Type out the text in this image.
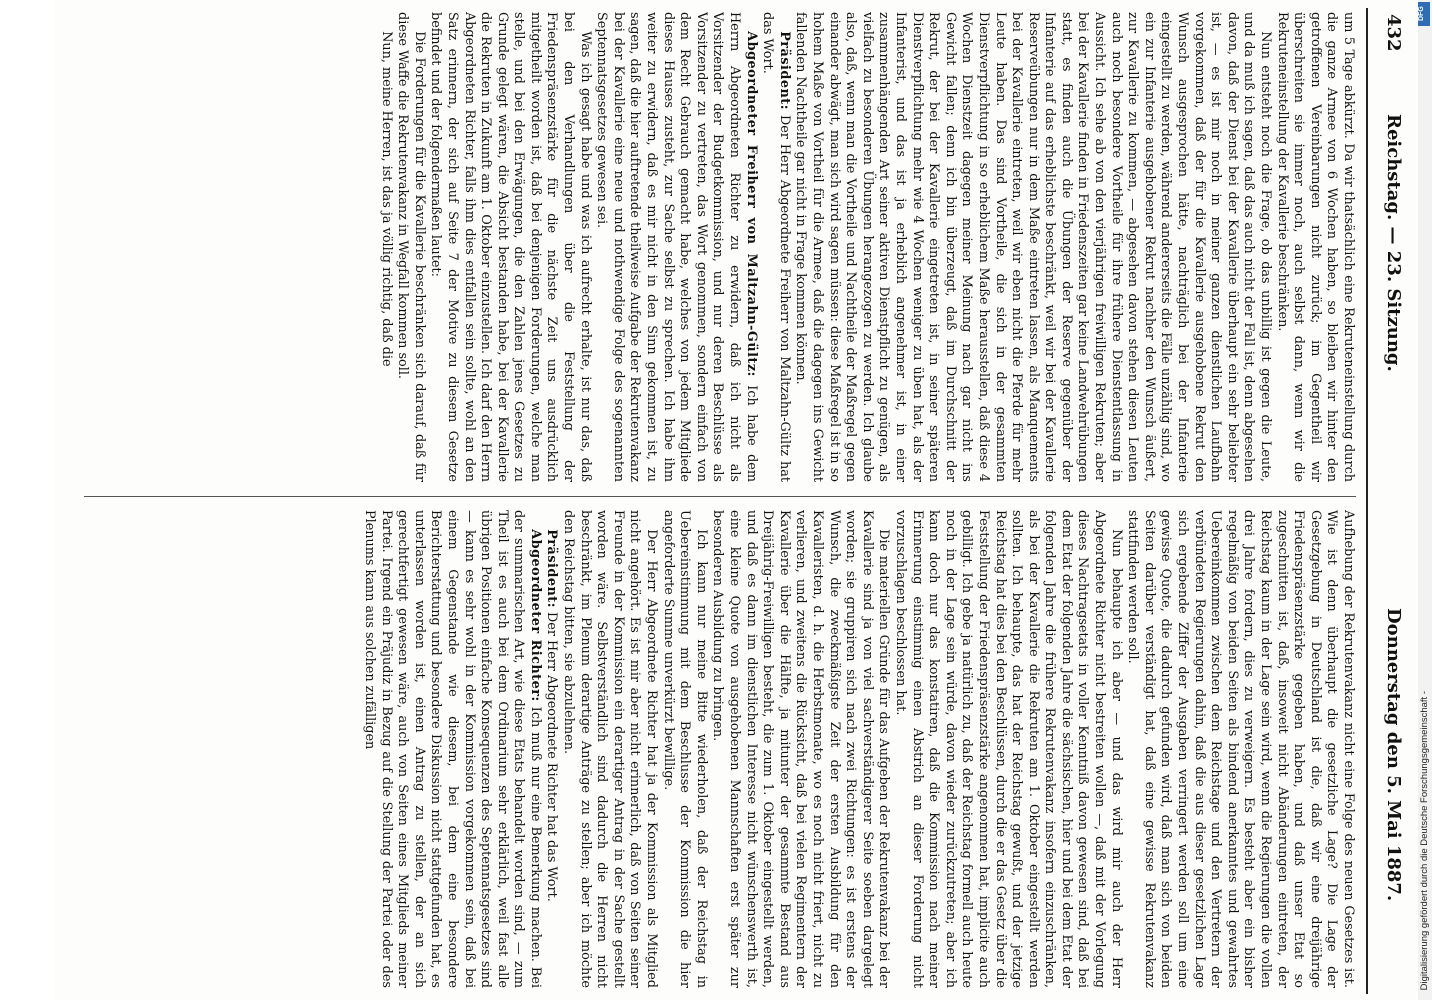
432
Reichstag. — 23. Sitzung.
Donnerstag den 5. Mai 1887.

um 5 Tage abkürzt. Da wir thatsächlich eine Rekruteneinstellung durch die ganze Armee von 6 Wochen haben, so bleiben wir hinter den getroffenen Vereinbarungen nicht zurück; im Gegentheil wir überschreiten sie immer noch, auch selbst dann, wenn wir die Rekruteneinstellung der Kavallerie beschränken.

Nun entsteht noch die Frage, ob das unbillig ist gegen die Leute, und da muß ich sagen, daß das auch nicht der Fall ist, denn abgesehen davon, daß der Dienst bei der Kavallerie überhaupt ein sehr beliebter ist, — es ist mir noch in meiner ganzen dienstlichen Laufbahn vorgekommen, daß der für die Kavallerie ausgehobene Rekrut den Wunsch ausgesprochen hätte, nachträglich bei der Infanterie eingestellt zu werden, während andererseits die Fälle unzählig sind, wo ein zur Infanterie ausgehobener Rekrut nachher den Wunsch äußert, zur Kavallerie zu kommen, — abgesehen davon stehen diesen Leuten auch noch besondere Vortheile für ihre frühere Dienstentlassung in Aussicht. Ich sehe ab von den vierjährigen freiwilligen Rekruten; aber bei der Kavallerie finden in Friedenszeiten gar keine Landwehrübungen statt, es finden auch die Übungen der Reserve gegenüber der Infanterie auf das erheblichste beschränkt, weil wir bei der Kavallerie Reserveübungen nur in dem Maße eintreten lassen, als Manquements bei der Kavallerie eintreten, weil wir eben nicht die Pferde für mehr Leute haben. Das sind Vortheile, die sich in der gesammten Dienstverpflichtung in so erheblichem Maße herausstellen, daß diese 4 Wochen Dienstzeit dagegen meiner Meinung nach gar nicht ins Gewicht fallen; denn ich bin überzeugt, daß im Durchschnitt der Rekrut, der bei der Kavallerie eingetreten ist, in seiner späteren Dienstverpflichtung mehr wie 4 Wochen weniger zu üben hat, als der Infanterist, und das ist ja erheblich angenehmer ist, in einer zusammenhängenden Art seiner aktiven Dienstpflicht zu genügen, als vielfach zu besonderen Übungen herangezogen zu werden. Ich glaube also, daß, wenn man die Vortheile und Nachtheile der Maßregel gegen einander abwägt, man sich wird sagen müssen: diese Maßregel ist in so hohem Maße von Vortheil für die Armee, daß die dagegen ins Gewicht fallenden Nachtheile gar nicht in Frage kommen können.

Präsident: Der Herr Abgeordnete Freiherr von Maltzahn-Gültz hat das Wort.

Abgeordneter Freiherr von Maltzahn-Gültz: Ich habe dem Herrn Abgeordneten Richter zu erwidern, daß ich nicht als Vorsitzender der Budgetkommission, und nur deren Beschlüsse als Vorsitzender zu vertreten, das Wort genommen, sondern einfach von dem Recht Gebrauch gemacht habe, welches von jedem Mitgliede dieses Hauses zusteht, zur Sache selbst zu sprechen. Ich habe ihm weiter zu erwidern, daß es mir nicht in den Sinn gekommen ist, zu sagen, daß die hier auftretende theilweise Aufgabe der Rekrutenvakanz bei der Kavallerie eine neue und nothwendige Folge des sogenannten Septennatsgesetzes gewesen sei.

Was ich gesagt habe und was ich aufrecht erhalte, ist nur das, daß bei den Verhandlungen über die Feststellung der Friedenspräsenzstärke für die nächste Zeit uns ausdrücklich mitgetheilt worden ist, daß bei denjenigen Forderungen, welche man stelle, und bei den Erwägungen, die den Zahlen jenes Gesetzes zu Grunde gelegt wären, die Absicht bestanden habe, bei der Kavallerie die Rekruten in Zukunft am 1. Oktober einzustellen. Ich darf den Herrn Abgeordneten Richter, falls ihm dies entfallen sein sollte, wohl an den Satz erinnern, der sich auf Seite 7 der Motive zu diesem Gesetze befindet und der folgendermaßen lautet:

Die Forderungen für die Kavallerie beschränken sich darauf, daß für diese Waffe die Rekrutenvakanz in Wegfall kommen soll.

Nun, meine Herren, ist das ja völlig richtig, daß die

Aufhebung der Rekrutenvakanz nicht eine Folge des neuen Gesetzes ist. Wie ist denn überhaupt die gesetzliche Lage? Die Lage der Gesetzgebung in Deutschland ist die, daß wir eine dreijährige Friedenspräsenzstärke gegeben haben, und daß unser Etat so zugeschnitten ist, daß, insoweit nicht Abänderungen eintreten, der Reichstag kaum in der Lage sein wird, wenn die Regierungen die vollen drei Jahre fordern, dies zu verweigern. Es besteht aber ein bisher regelmäßig von beiden Seiten als bindend anerkanntes und gewahrtes Uebereinkommen zwischen dem Reichstage und den Vertretern der verbündeten Regierungen dahin, daß die aus dieser gesetzlichen Lage sich ergebende Ziffer der Ausgaben verringert werden soll um eine gewisse Quote, die dadurch gefunden wird, daß man sich von beiden Seiten darüber verständigt hat, daß eine gewisse Rekrutenvakanz stattfinden werden soll.

Nun behaupte ich aber — und das wird mir auch der Herr Abgeordnete Richter nicht bestreiten wollen —, daß mit der Vorlegung dieses Nachtragsetats in voller Kenntniß davon gewesen sind, daß bei dem Etat der folgenden Jahre die sächsischen, hier und bei dem Etat der folgenden Jahre die frühere Rekrutenvakanz insofern einzuschränken, als bei der Kavallerie die Rekruten am 1. Oktober eingestellt werden sollten. Ich behaupte, das hat der Reichstag gewußt, und der jetzige Reichstag hat dies bei den Beschlüssen, durch die er das Gesetz über die Feststellung der Friedenspräsenzstärke angenommen hat, implicite auch gebilligt. Ich gebe ja natürlich zu, daß der Reichstag formell auch heute noch in der Lage sein würde, davon wieder zurückzutreten; aber ich kann doch nur das konstatiren, daß die Kommission nach meiner Erinnerung einstimmig einen Abstrich an dieser Forderung nicht vorzuschlagen beschlossen hat.

Die materiellen Gründe für das Aufgeben der Rekrutenvakanz bei der Kavallerie sind ja von viel sachverständigerer Seite soeben dargelegt worden; sie gruppiren sich nach zwei Richtungen: es ist erstens der Wunsch, die zweckmäßigste Zeit der ersten Ausbildung für den Kavalleristen, d. h. die Herbstmonate, wo es noch nicht friert, nicht zu verlieren, und zweitens die Rücksicht, daß bei vielen Regimentern der Kavallerie über die Hälfte, ja mitunter der gesammte Bestand aus Dreijährig-Freiwilligen besteht, die zum 1. Oktober eingestellt werden, und daß es dann im dienstlichen Interesse nicht wünschenswerth ist, eine kleine Quote von ausgehobenen Mannschaften erst später zur besonderen Ausbildung zu bringen.

Ich kann nur meine Bitte wiederholen, daß der Reichstag in Uebereinstimmung mit dem Beschlusse der Kommission die hier angeforderte Summe unverkürzt bewillige.

Der Herr Abgeordnete Richter hat ja der Kommission als Mitglied nicht angehört. Es ist mir aber nicht erinnerlich, daß von Seiten seiner Freunde in der Kommission ein derartiger Antrag in der Sache gestellt worden wäre. Selbstverständlich sind dadurch die Herren nicht beschränkt, im Plenum derartige Anträge zu stellen; aber ich möchte den Reichstag bitten, sie abzulehnen.

Präsident: Der Herr Abgeordnete Richter hat das Wort.

Abgeordneter Richter: Ich muß nur eine Bemerkung machen. Bei der summarischen Art, wie diese Etats behandelt worden sind, — zum Theil ist es auch bei dem Ordinarium sehr erklärlich, weil fast alle übrigen Positionen einfache Konsequenzen des Septennatsgesetzes sind — kann es sehr wohl in der Kommission vorgekommen sein, daß bei einem Gegenstande wie diesem, bei dem eine besondere Berichterstattung und besondere Diskussion nicht stattgefunden hat, es unterlassen worden ist, einen Antrag zu stellen, der an sich gerechtfertigt gewesen wäre, auch von Seiten eines Mitglieds meiner Partei. Irgend ein Präjudiz in Bezug auf die Stellung der Partei oder des Plenums kann aus solchen zufälligen

Digitalisierung gefördert durch die Deutsche Forschungsgemeinschaft -
DFG
